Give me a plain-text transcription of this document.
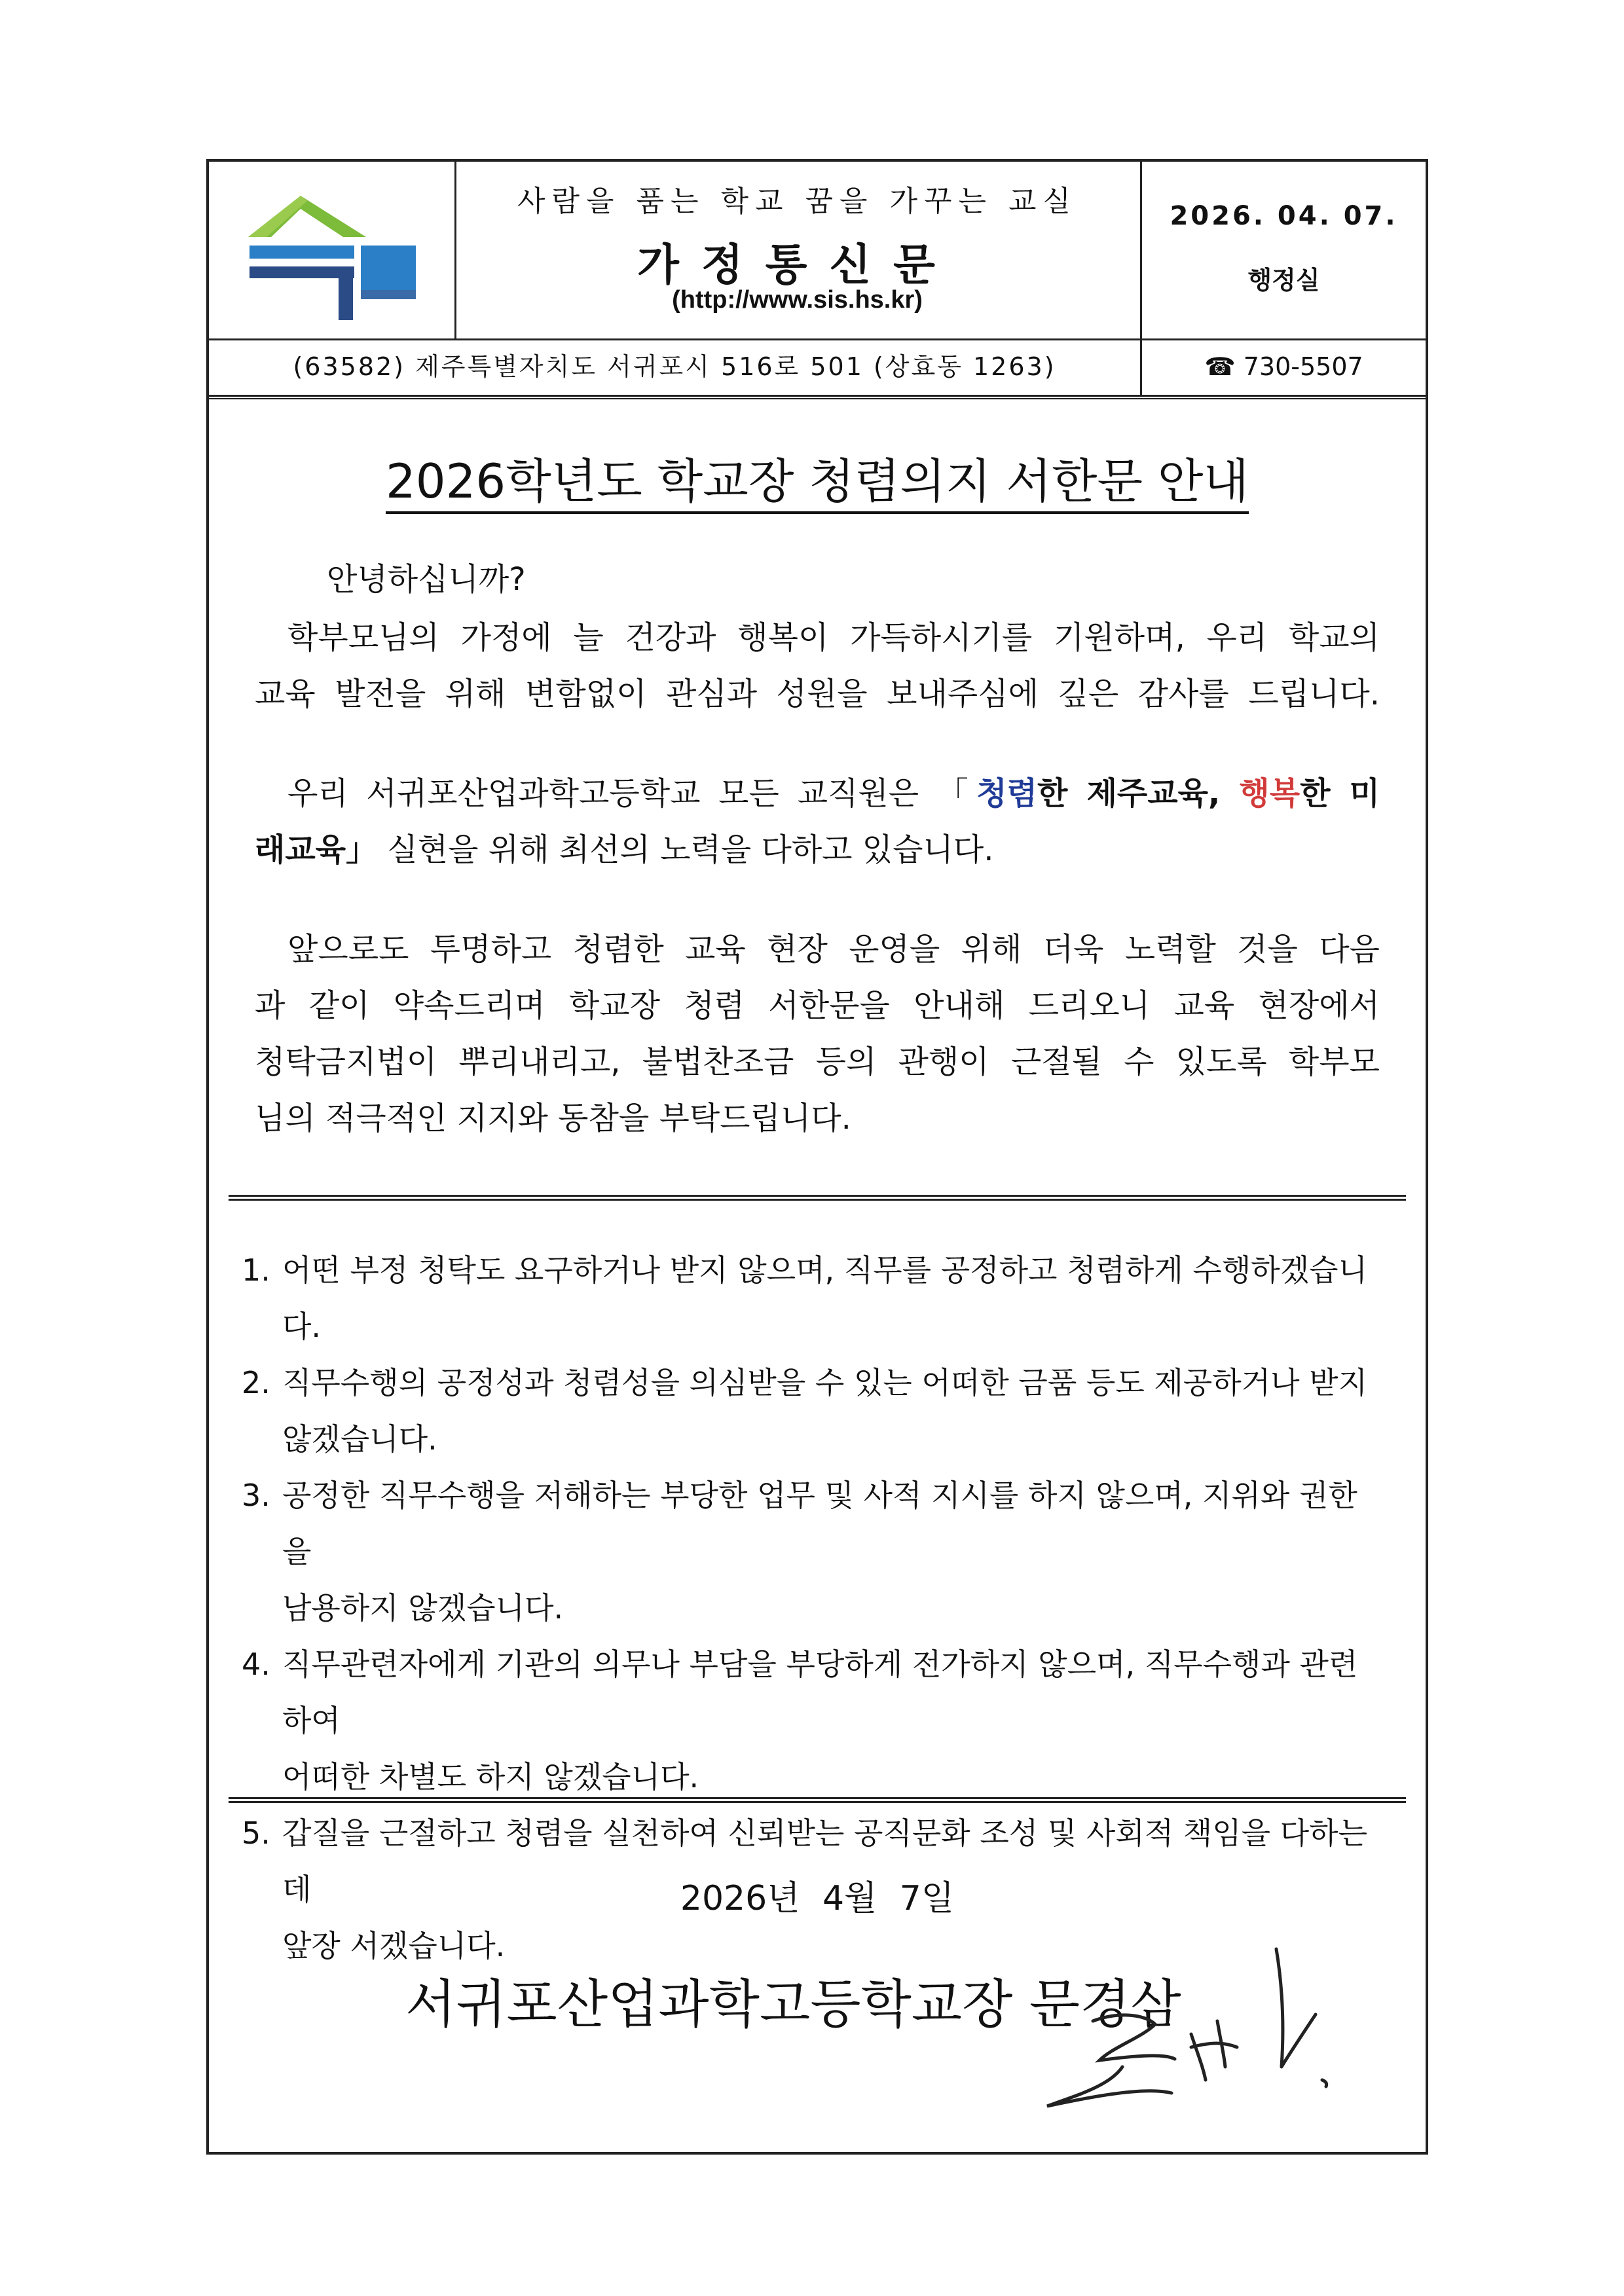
사람을 품는 학교 꿈을 가꾸는 교실
가정통신문
(http://www.sis.hs.kr)
2026. 04. 07.
행정실
(63582) 제주특별자치도 서귀포시 516로 501 (상효동 1263)	☎ 730-5507
2026학년도 학교장 청렴의지 서한문 안내
안녕하십니까?
학부모님의 가정에 늘 건강과 행복이 가득하시기를 기원하며, 우리 학교의
교육 발전을 위해 변함없이 관심과 성원을 보내주심에 깊은 감사를 드립니다.
우리 서귀포산업과학고등학교 모든 교직원은 「청렴한 제주교육, 행복한 미
래교육」 실현을 위해 최선의 노력을 다하고 있습니다.
앞으로도 투명하고 청렴한 교육 현장 운영을 위해 더욱 노력할 것을 다음
과 같이 약속드리며 학교장 청렴 서한문을 안내해 드리오니 교육 현장에서
청탁금지법이 뿌리내리고, 불법찬조금 등의 관행이 근절될 수 있도록 학부모
님의 적극적인 지지와 동참을 부탁드립니다.
1. 어떤 부정 청탁도 요구하거나 받지 않으며, 직무를 공정하고 청렴하게 수행하겠습니다.
2. 직무수행의 공정성과 청렴성을 의심받을 수 있는 어떠한 금품 등도 제공하거나 받지
않겠습니다.
3. 공정한 직무수행을 저해하는 부당한 업무 및 사적 지시를 하지 않으며, 지위와 권한을
남용하지 않겠습니다.
4. 직무관련자에게 기관의 의무나 부담을 부당하게 전가하지 않으며, 직무수행과 관련하여
어떠한 차별도 하지 않겠습니다.
5. 갑질을 근절하고 청렴을 실천하여 신뢰받는 공직문화 조성 및 사회적 책임을 다하는데
앞장 서겠습니다.
2026년 4월 7일
서귀포산업과학고등학교장 문경삼
